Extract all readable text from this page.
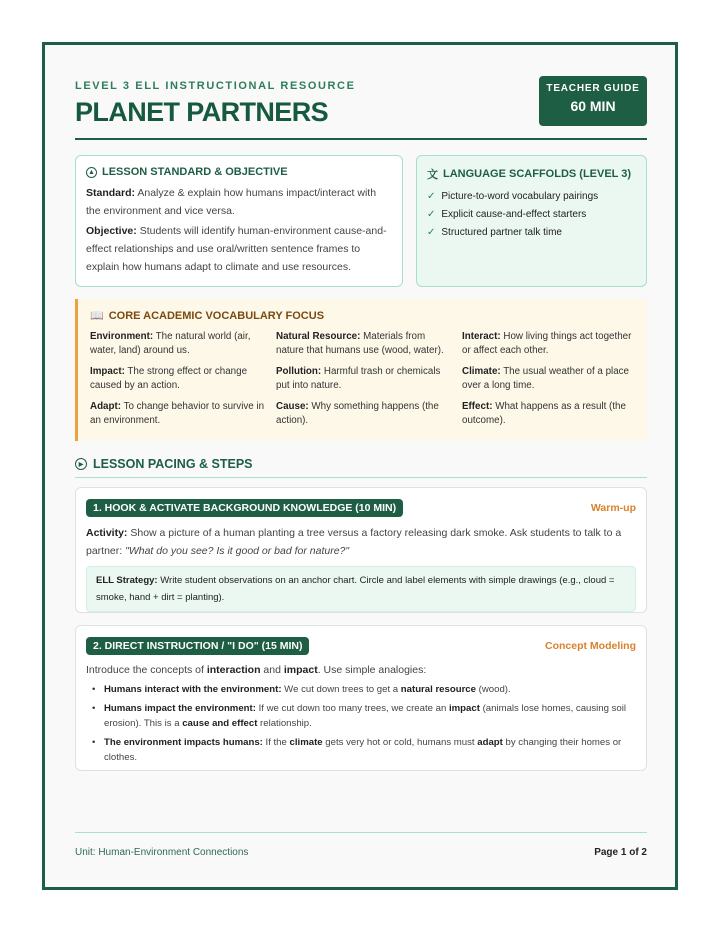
LEVEL 3 ELL INSTRUCTIONAL RESOURCE
PLANET PARTNERS
TEACHER GUIDE
60 MIN
▲ LESSON STANDARD & OBJECTIVE

Standard: Analyze & explain how humans impact/interact with the environment and vice versa.

Objective: Students will identify human-environment cause-and-effect relationships and use oral/written sentence frames to explain how humans adapt to climate and use resources.

文 LANGUAGE SCAFFOLDS (LEVEL 3)
✓ Picture-to-word vocabulary pairings
✓ Explicit cause-and-effect starters
✓ Structured partner talk time
📖 CORE ACADEMIC VOCABULARY FOCUS
Environment: The natural world (air, water, land) around us.
Natural Resource: Materials from nature that humans use (wood, water).
Interact: How living things act together or affect each other.
Impact: The strong effect or change caused by an action.
Pollution: Harmful trash or chemicals put into nature.
Climate: The usual weather of a place over a long time.
Adapt: To change behavior to survive in an environment.
Cause: Why something happens (the action).
Effect: What happens as a result (the outcome).
▶ LESSON PACING & STEPS
1. HOOK & ACTIVATE BACKGROUND KNOWLEDGE (10 MIN)	Warm-up

Activity: Show a picture of a human planting a tree versus a factory releasing dark smoke. Ask students to talk to a partner: "What do you see? Is it good or bad for nature?"

ELL Strategy: Write student observations on an anchor chart. Circle and label elements with simple drawings (e.g., cloud = smoke, hand + dirt = planting).
2. DIRECT INSTRUCTION / "I DO" (15 MIN)	Concept Modeling

Introduce the concepts of interaction and impact. Use simple analogies:

• Humans interact with the environment: We cut down trees to get a natural resource (wood).
• Humans impact the environment: If we cut down too many trees, we create an impact (animals lose homes, causing soil erosion). This is a cause and effect relationship.
• The environment impacts humans: If the climate gets very hot or cold, humans must adapt by changing their homes or clothes.
Unit: Human-Environment Connections	Page 1 of 2
